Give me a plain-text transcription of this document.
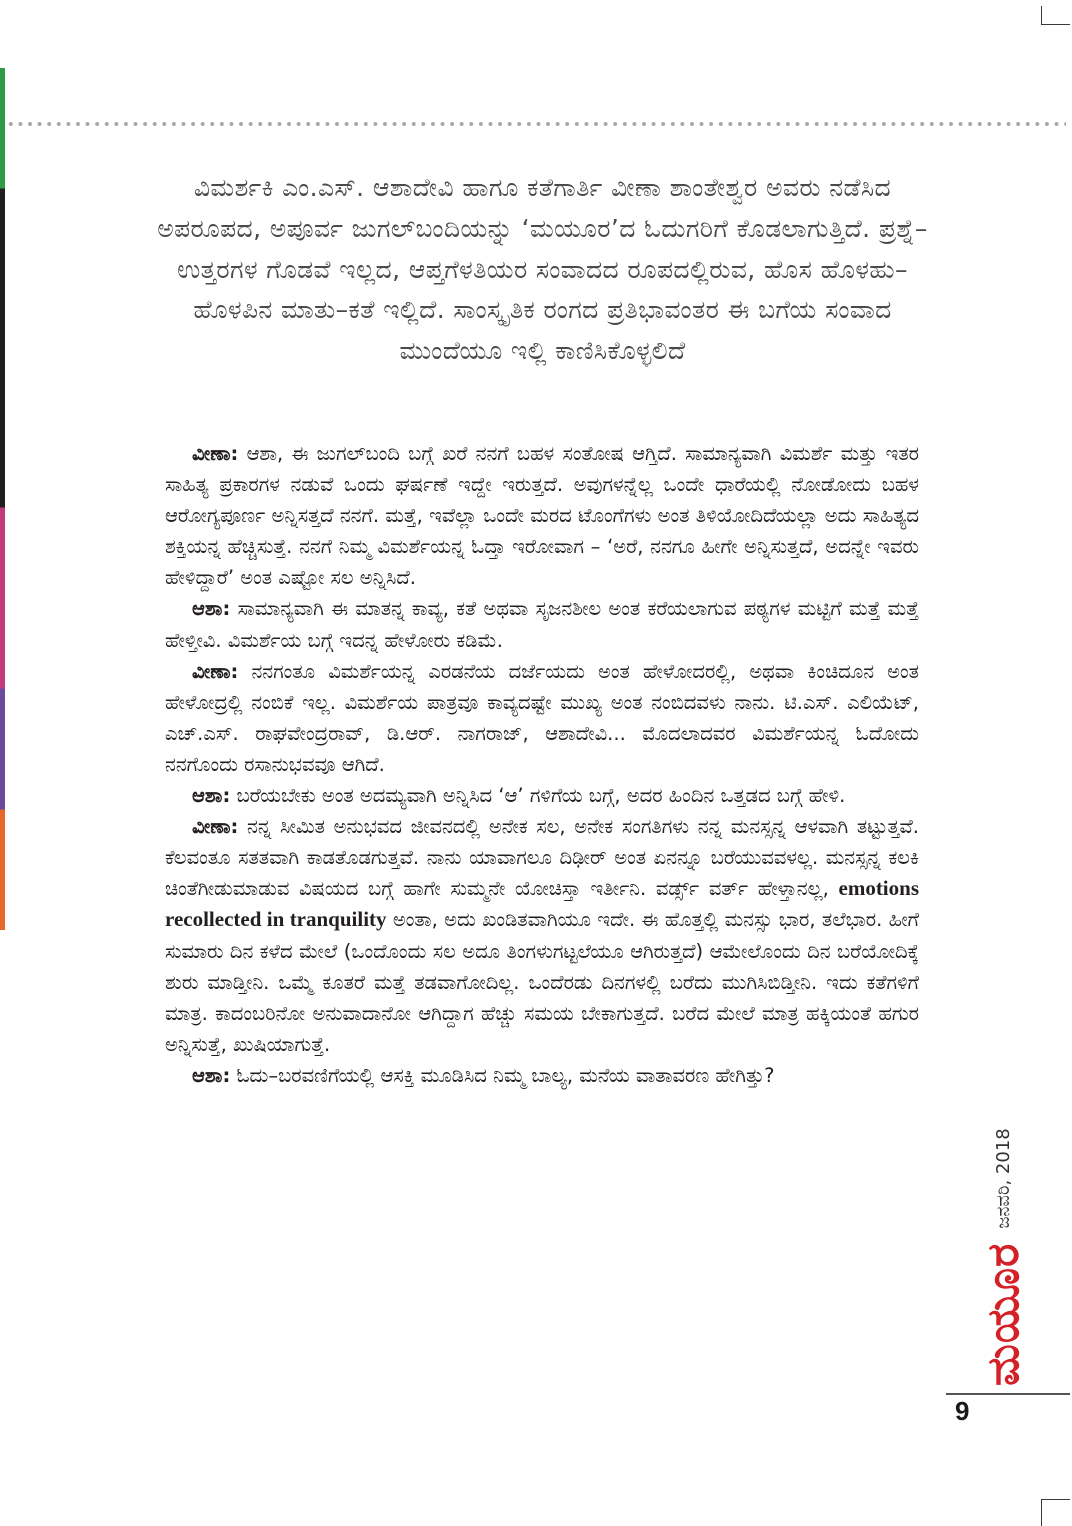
ವಿಮರ್ಶಕಿ ಎಂ.ಎಸ್. ಆಶಾದೇವಿ ಹಾಗೂ ಕತೆಗಾರ್ತಿ ವೀಣಾ ಶಾಂತೇಶ್ವರ ಅವರು ನಡೆಸಿದ ಅಪರೂಪದ, ಅಪೂರ್ವ ಜುಗಲ್‌ಬಂದಿಯನ್ನು ‘ಮಯೂರ’ದ ಓದುಗರಿಗೆ ಕೊಡಲಾಗುತ್ತಿದೆ. ಪ್ರಶ್ನೆ–ಉತ್ತರಗಳ ಗೊಡವೆ ಇಲ್ಲದ, ಆಪ್ತಗೆಳತಿಯರ ಸಂವಾದದ ರೂಪದಲ್ಲಿರುವ, ಹೊಸ ಹೊಳಹು–ಹೊಳಪಿನ ಮಾತು–ಕತೆ ಇಲ್ಲಿದೆ. ಸಾಂಸ್ಕೃತಿಕ ರಂಗದ ಪ್ರತಿಭಾವಂತರ ಈ ಬಗೆಯ ಸಂವಾದ ಮುಂದೆಯೂ ಇಲ್ಲಿ ಕಾಣಿಸಿಕೊಳ್ಳಲಿದೆ

ವೀಣಾ: ಆಶಾ, ಈ ಜುಗಲ್‌ಬಂದಿ ಬಗ್ಗೆ ಖರೆ ನನಗೆ ಬಹಳ ಸಂತೋಷ ಆಗ್ತಿದೆ. ಸಾಮಾನ್ಯವಾಗಿ ವಿಮರ್ಶೆ ಮತ್ತು ಇತರ ಸಾಹಿತ್ಯ ಪ್ರಕಾರಗಳ ನಡುವೆ ಒಂದು ಘರ್ಷಣೆ ಇದ್ದೇ ಇರುತ್ತದೆ. ಅವುಗಳನ್ನೆಲ್ಲ ಒಂದೇ ಧಾರೆಯಲ್ಲಿ ನೋಡೋದು ಬಹಳ ಆರೋಗ್ಯಪೂರ್ಣ ಅನ್ನಿಸತ್ತದೆ ನನಗೆ. ಮತ್ತೆ, ಇವೆಲ್ಲಾ ಒಂದೇ ಮರದ ಟೊಂಗೆಗಳು ಅಂತ ತಿಳಿಯೋದಿದೆಯಲ್ಲಾ ಅದು ಸಾಹಿತ್ಯದ ಶಕ್ತಿಯನ್ನ ಹೆಚ್ಚಿಸುತ್ತೆ. ನನಗೆ ನಿಮ್ಮ ವಿಮರ್ಶೆಯನ್ನ ಓದ್ತಾ ಇರೋವಾಗ – ‘ಅರೆ, ನನಗೂ ಹೀಗೇ ಅನ್ನಿಸುತ್ತದೆ, ಅದನ್ನೇ ಇವರು ಹೇಳಿದ್ದಾರೆ’ ಅಂತ ಎಷ್ಟೋ ಸಲ ಅನ್ನಿಸಿದೆ.

ಆಶಾ: ಸಾಮಾನ್ಯವಾಗಿ ಈ ಮಾತನ್ನ ಕಾವ್ಯ, ಕತೆ ಅಥವಾ ಸೃಜನಶೀಲ ಅಂತ ಕರೆಯಲಾಗುವ ಪಠ್ಯಗಳ ಮಟ್ಟಿಗೆ ಮತ್ತೆ ಮತ್ತೆ ಹೇಳ್ತೀವಿ. ವಿಮರ್ಶೆಯ ಬಗ್ಗೆ ಇದನ್ನ ಹೇಳೋರು ಕಡಿಮೆ.

ವೀಣಾ: ನನಗಂತೂ ವಿಮರ್ಶೆಯನ್ನ ಎರಡನೆಯ ದರ್ಜೆಯದು ಅಂತ ಹೇಳೋದರಲ್ಲಿ, ಅಥವಾ ಕಿಂಚಿದೂನ ಅಂತ ಹೇಳೋದ್ರಲ್ಲಿ ನಂಬಿಕೆ ಇಲ್ಲ. ವಿಮರ್ಶೆಯ ಪಾತ್ರವೂ ಕಾವ್ಯದಷ್ಟೇ ಮುಖ್ಯ ಅಂತ ನಂಬಿದವಳು ನಾನು. ಟಿ.ಎಸ್. ಎಲಿಯೆಟ್, ಎಚ್.ಎಸ್. ರಾಘವೇಂದ್ರರಾವ್, ಡಿ.ಆರ್. ನಾಗರಾಜ್, ಆಶಾದೇವಿ... ಮೊದಲಾದವರ ವಿಮರ್ಶೆಯನ್ನ ಓದೋದು ನನಗೊಂದು ರಸಾನುಭವವೂ ಆಗಿದೆ.

ಆಶಾ: ಬರೆಯಬೇಕು ಅಂತ ಅದಮ್ಯವಾಗಿ ಅನ್ನಿಸಿದ ‘ಆ’ ಗಳಿಗೆಯ ಬಗ್ಗೆ, ಅದರ ಹಿಂದಿನ ಒತ್ತಡದ ಬಗ್ಗೆ ಹೇಳಿ.

ವೀಣಾ: ನನ್ನ ಸೀಮಿತ ಅನುಭವದ ಜೀವನದಲ್ಲಿ ಅನೇಕ ಸಲ, ಅನೇಕ ಸಂಗತಿಗಳು ನನ್ನ ಮನಸ್ಸನ್ನ ಆಳವಾಗಿ ತಟ್ಟುತ್ತವೆ. ಕೆಲವಂತೂ ಸತತವಾಗಿ ಕಾಡತೊಡಗುತ್ತವೆ. ನಾನು ಯಾವಾಗಲೂ ದಿಢೀರ್ ಅಂತ ಏನನ್ನೂ ಬರೆಯುವವಳಲ್ಲ. ಮನಸ್ಸನ್ನ ಕಲಕಿ ಚಿಂತೆಗೀಡುಮಾಡುವ ವಿಷಯದ ಬಗ್ಗೆ ಹಾಗೇ ಸುಮ್ಮನೇ ಯೋಚಿಸ್ತಾ ಇರ್ತೀನಿ. ವರ್ಡ್ಸ್ ವರ್ತ್ ಹೇಳ್ತಾನಲ್ಲ, emotions recollected in tranquility ಅಂತಾ, ಅದು ಖಂಡಿತವಾಗಿಯೂ ಇದೇ. ಈ ಹೊತ್ತಲ್ಲಿ ಮನಸ್ಸು ಭಾರ, ತಲೆಭಾರ. ಹೀಗೆ ಸುಮಾರು ದಿನ ಕಳೆದ ಮೇಲೆ (ಒಂದೊಂದು ಸಲ ಅದೂ ತಿಂಗಳುಗಟ್ಟಲೆಯೂ ಆಗಿರುತ್ತದೆ) ಆಮೇಲೊಂದು ದಿನ ಬರೆಯೋದಿಕ್ಕೆ ಶುರು ಮಾಡ್ತೀನಿ. ಒಮ್ಮೆ ಕೂತರೆ ಮತ್ತೆ ತಡವಾಗೋದಿಲ್ಲ. ಒಂದೆರಡು ದಿನಗಳಲ್ಲಿ ಬರೆದು ಮುಗಿಸಿಬಿಡ್ತೀನಿ. ಇದು ಕತೆಗಳಿಗೆ ಮಾತ್ರ. ಕಾದಂಬರಿನೋ ಅನುವಾದಾನೋ ಆಗಿದ್ದಾಗ ಹೆಚ್ಚು ಸಮಯ ಬೇಕಾಗುತ್ತದೆ. ಬರೆದ ಮೇಲೆ ಮಾತ್ರ ಹಕ್ಕಿಯಂತೆ ಹಗುರ ಅನ್ನಿಸುತ್ತೆ, ಖುಷಿಯಾಗುತ್ತೆ.

ಆಶಾ: ಓದು–ಬರವಣಿಗೆಯಲ್ಲಿ ಆಸಕ್ತಿ ಮೂಡಿಸಿದ ನಿಮ್ಮ ಬಾಲ್ಯ, ಮನೆಯ ವಾತಾವರಣ ಹೇಗಿತ್ತು?

ಮಯೂರ
ಜನವರಿ, 2018
9
